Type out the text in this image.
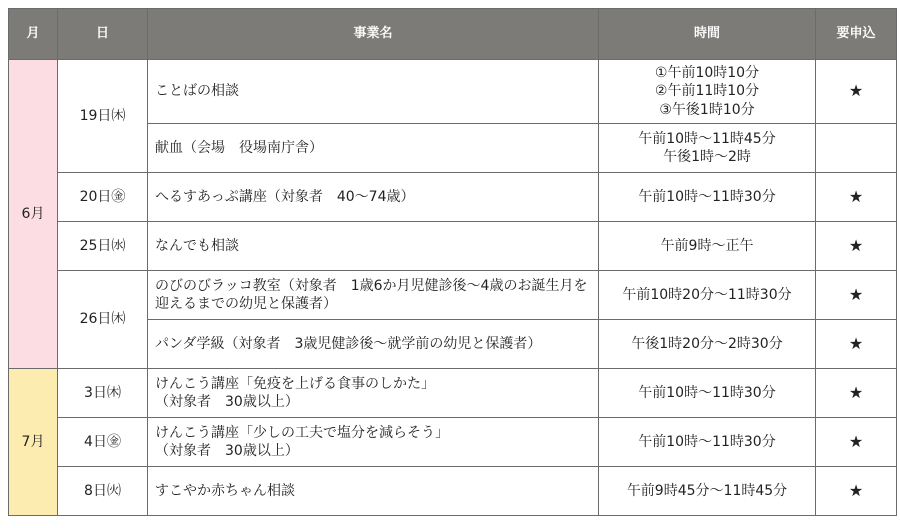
月	日	事業名	時間	要申込
6月	19日㈭	ことばの相談	①午前10時10分
②午前11時10分
③午後1時10分	★
		献血（会場　役場南庁舎）	午前10時～11時45分
午後1時～2時	

	20日㊎	へるすあっぷ講座（対象者　40～74歳）	午前10時～11時30分	★
	25日㈬	なんでも相談	午前9時～正午	★
	26日㈭	のびのびラッコ教室（対象者　1歳6か月児健診後～4歳のお誕生月を迎えるまでの幼児と保護者）	午前10時20分～11時30分	★
		パンダ学級（対象者　3歳児健診後～就学前の幼児と保護者）	午後1時20分～2時30分	★
7月	3日㈭	けんこう講座「免疫を上げる食事のしかた」
（対象者　30歳以上）	午前10時～11時30分	★
	4日㊎	けんこう講座「少しの工夫で塩分を減らそう」
（対象者　30歳以上）	午前10時～11時30分	★
	8日㈫	すこやか赤ちゃん相談	午前9時45分～11時45分	★
